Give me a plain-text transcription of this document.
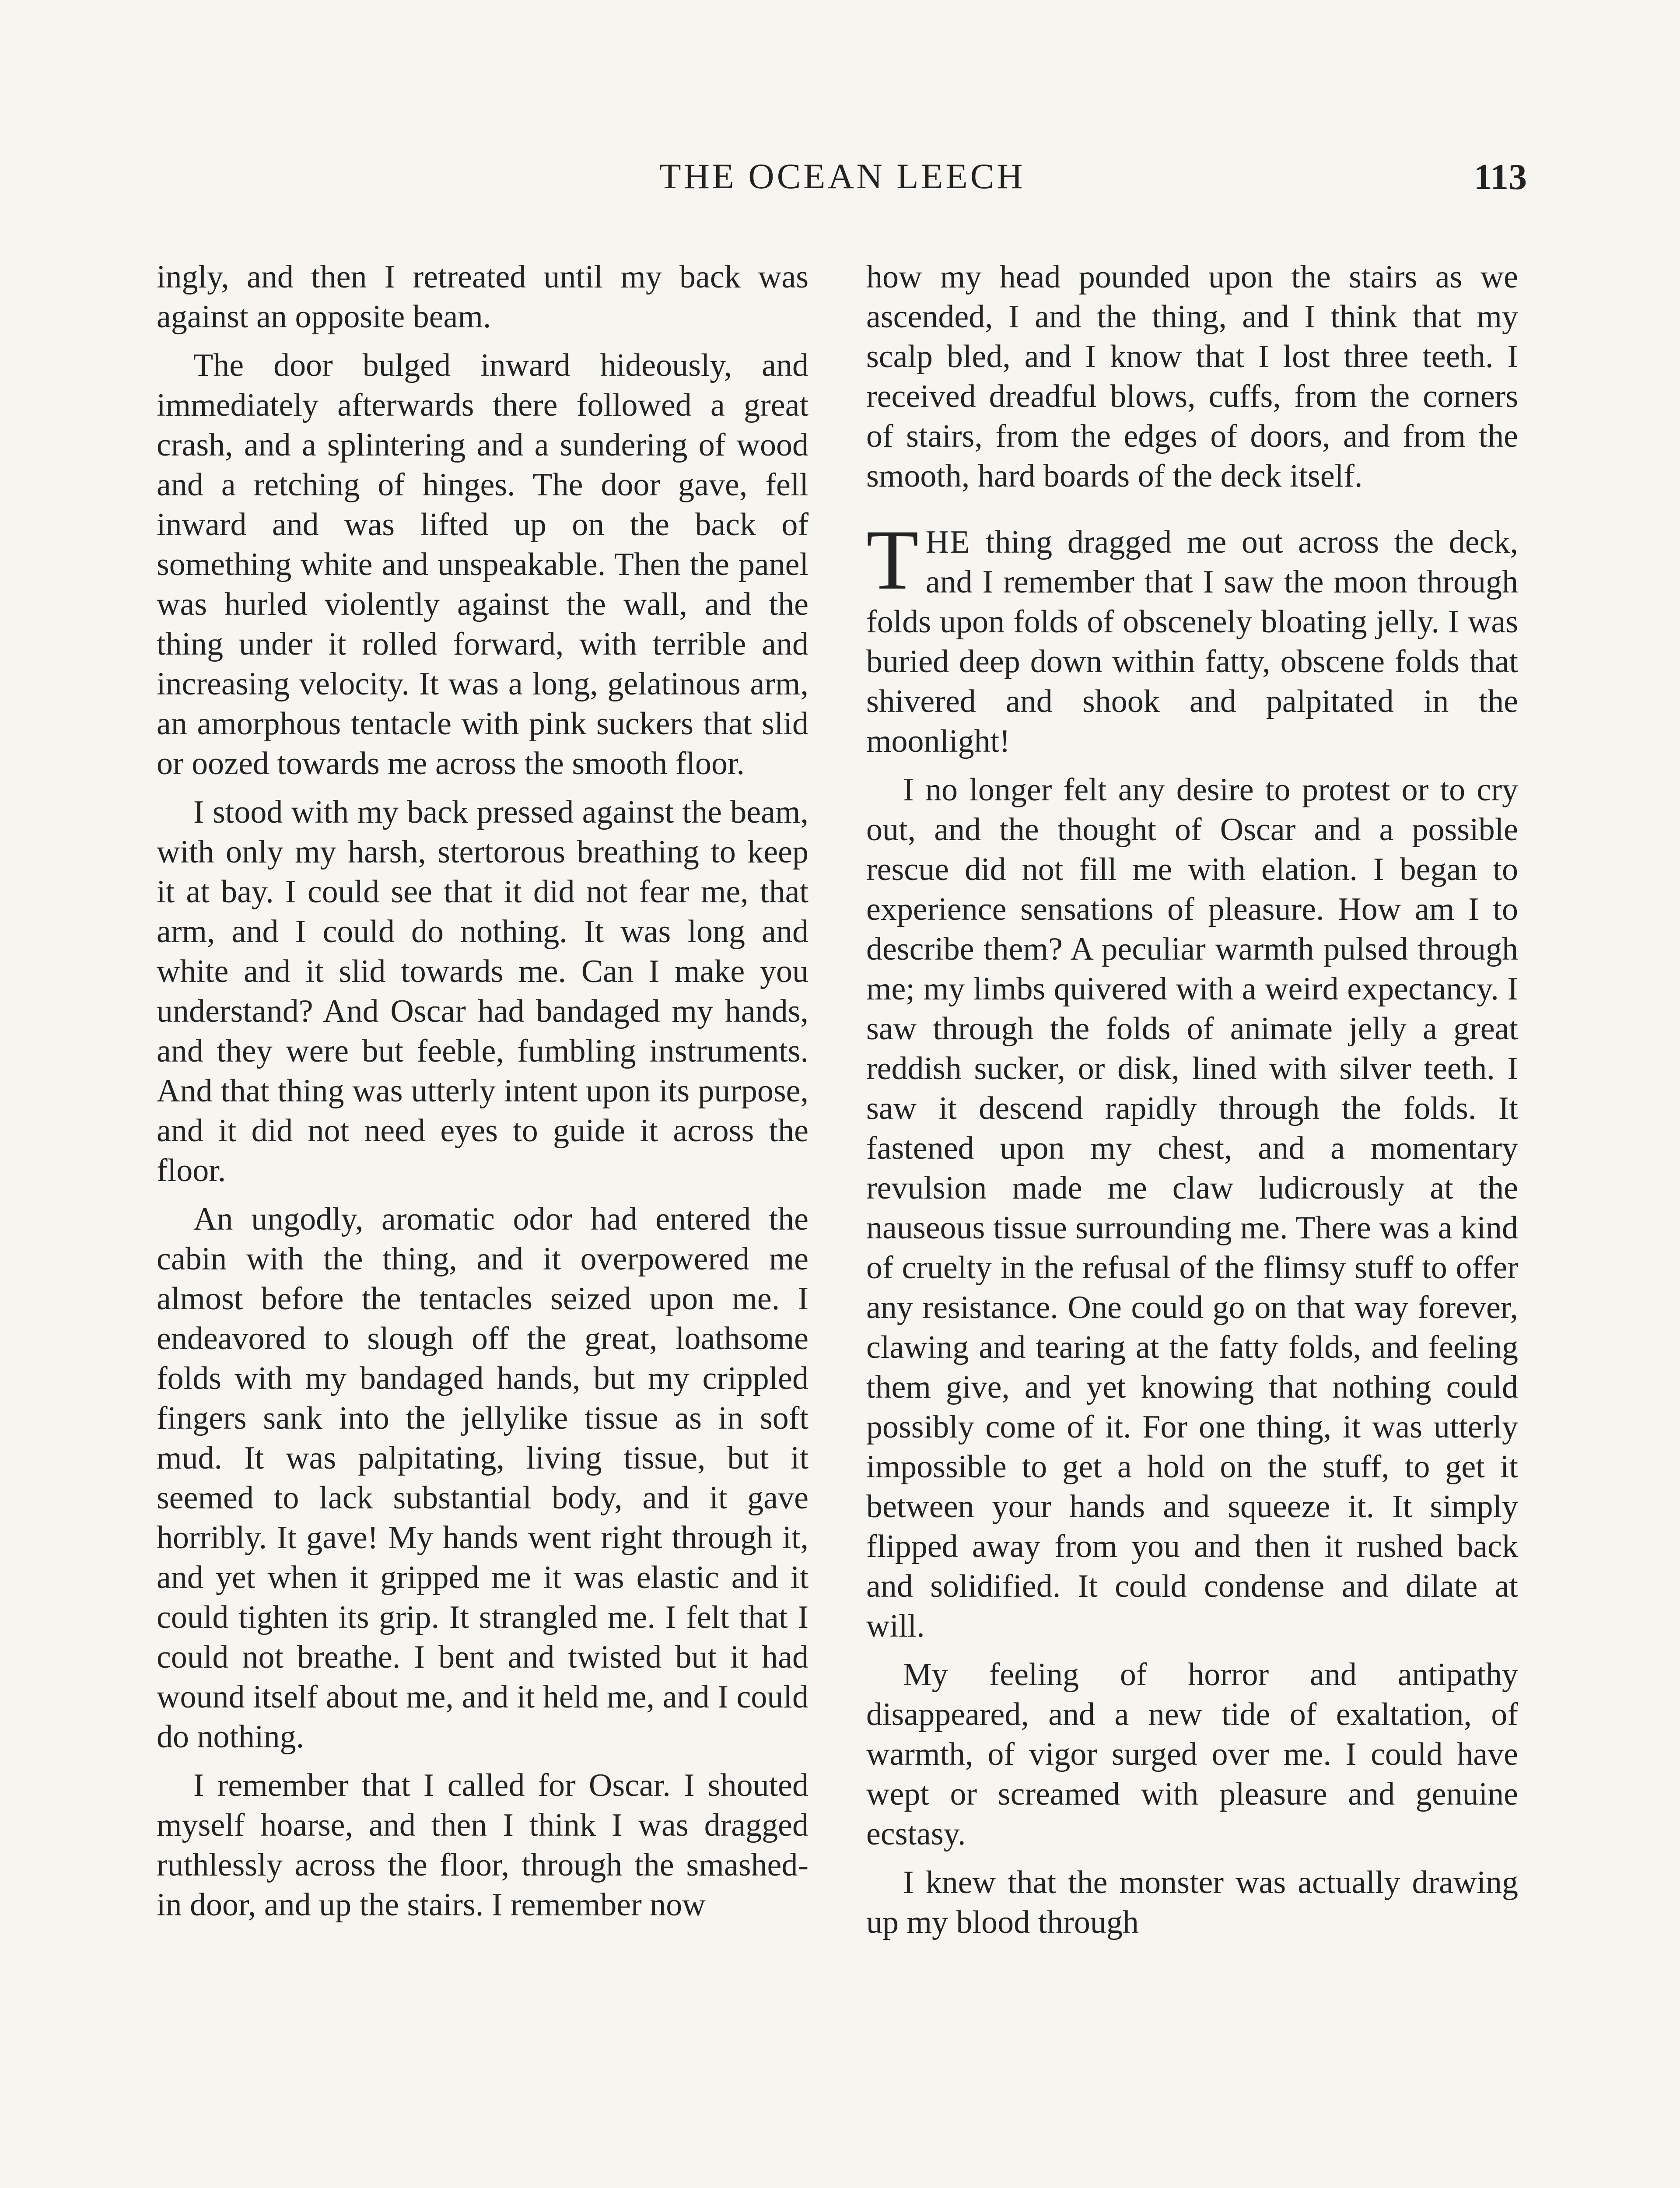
THE OCEAN LEECH	113

ingly, and then I retreated until my back was against an opposite beam.

The door bulged inward hideously, and immediately afterwards there followed a great crash, and a splintering and a sundering of wood and a retching of hinges. The door gave, fell inward and was lifted up on the back of something white and unspeakable. Then the panel was hurled violently against the wall, and the thing under it rolled forward, with terrible and increasing velocity. It was a long, gelatinous arm, an amorphous tentacle with pink suckers that slid or oozed towards me across the smooth floor.

I stood with my back pressed against the beam, with only my harsh, stertorous breathing to keep it at bay. I could see that it did not fear me, that arm, and I could do nothing. It was long and white and it slid towards me. Can I make you understand? And Oscar had bandaged my hands, and they were but feeble, fumbling instruments. And that thing was utterly intent upon its purpose, and it did not need eyes to guide it across the floor.

An ungodly, aromatic odor had entered the cabin with the thing, and it overpowered me almost before the tentacles seized upon me. I endeavored to slough off the great, loathsome folds with my bandaged hands, but my crippled fingers sank into the jellylike tissue as in soft mud. It was palpitating, living tissue, but it seemed to lack substantial body, and it gave horribly. It gave! My hands went right through it, and yet when it gripped me it was elastic and it could tighten its grip. It strangled me. I felt that I could not breathe. I bent and twisted but it had wound itself about me, and it held me, and I could do nothing.

I remember that I called for Oscar. I shouted myself hoarse, and then I think I was dragged ruthlessly across the floor, through the smashed-in door, and up the stairs. I remember now

how my head pounded upon the stairs as we ascended, I and the thing, and I think that my scalp bled, and I know that I lost three teeth. I received dreadful blows, cuffs, from the corners of stairs, from the edges of doors, and from the smooth, hard boards of the deck itself.

THE thing dragged me out across the deck, and I remember that I saw the moon through folds upon folds of obscenely bloating jelly. I was buried deep down within fatty, obscene folds that shivered and shook and palpitated in the moonlight!

I no longer felt any desire to protest or to cry out, and the thought of Oscar and a possible rescue did not fill me with elation. I began to experience sensations of pleasure. How am I to describe them? A peculiar warmth pulsed through me; my limbs quivered with a weird expectancy. I saw through the folds of animate jelly a great reddish sucker, or disk, lined with silver teeth. I saw it descend rapidly through the folds. It fastened upon my chest, and a momentary revulsion made me claw ludicrously at the nauseous tissue surrounding me. There was a kind of cruelty in the refusal of the flimsy stuff to offer any resistance. One could go on that way forever, clawing and tearing at the fatty folds, and feeling them give, and yet knowing that nothing could possibly come of it. For one thing, it was utterly impossible to get a hold on the stuff, to get it between your hands and squeeze it. It simply flipped away from you and then it rushed back and solidified. It could condense and dilate at will.

My feeling of horror and antipathy disappeared, and a new tide of exaltation, of warmth, of vigor surged over me. I could have wept or screamed with pleasure and genuine ecstasy.

I knew that the monster was actually drawing up my blood through
